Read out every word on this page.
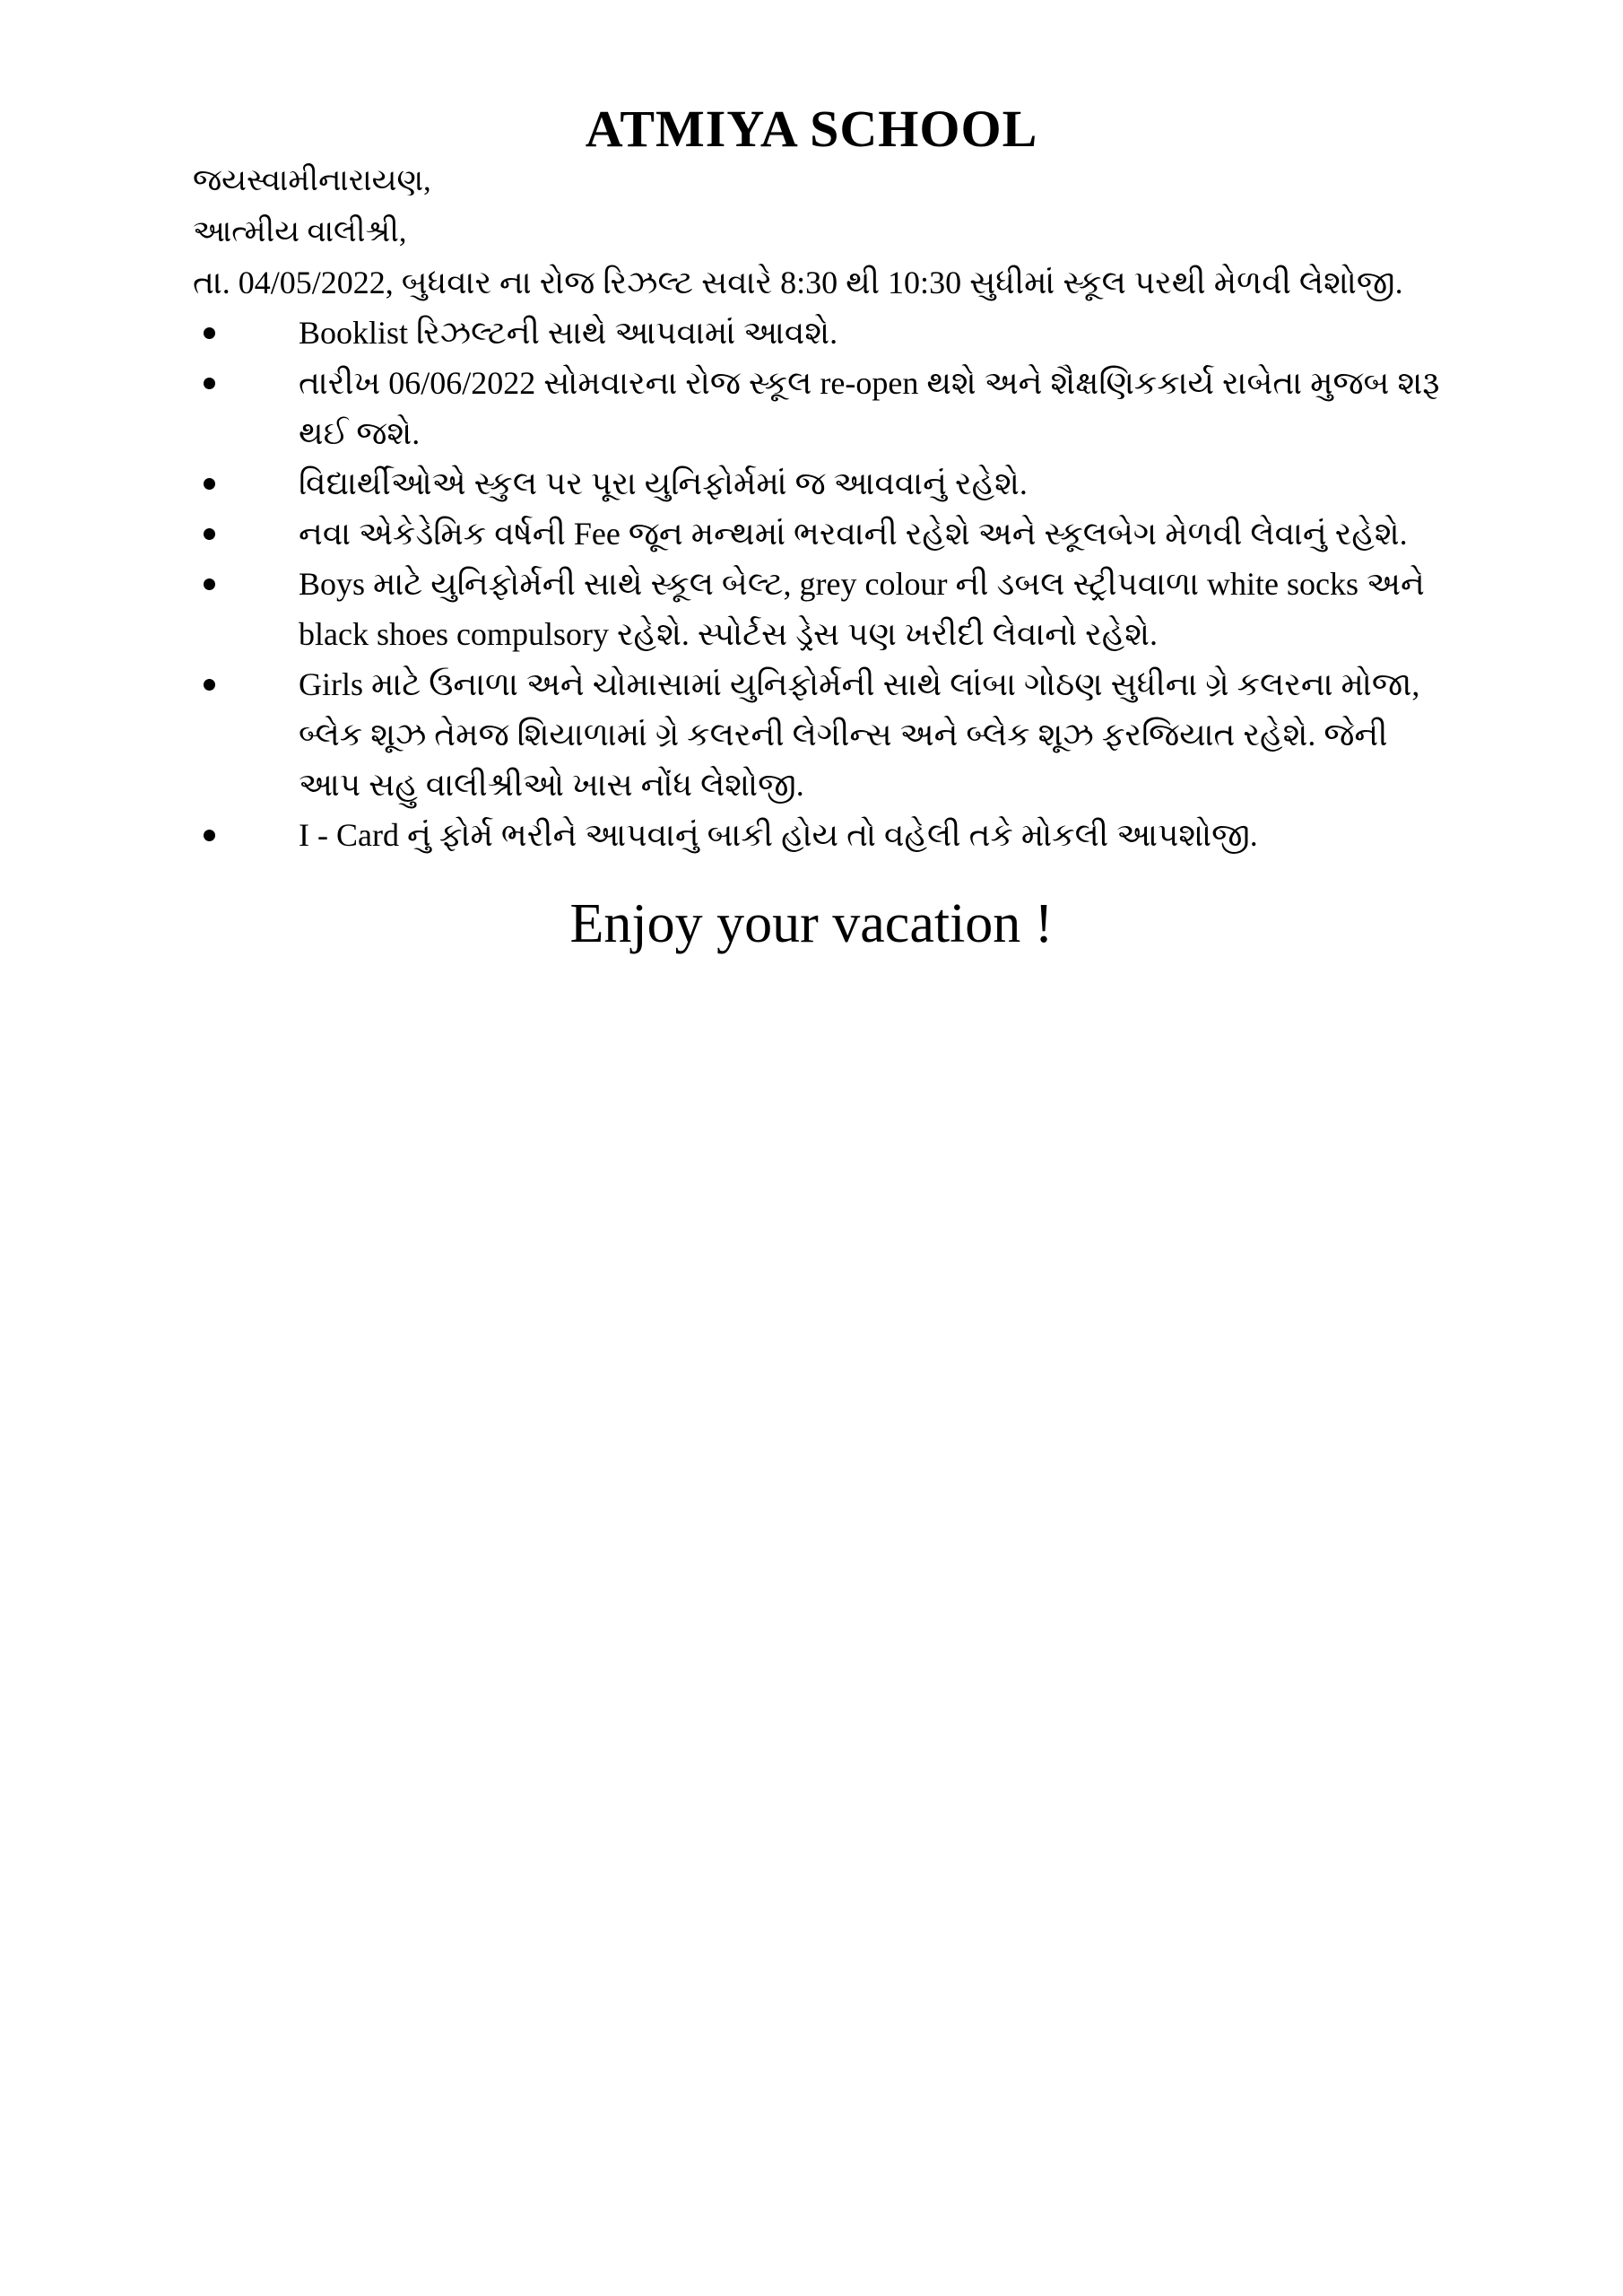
ATMIYA SCHOOL
જયસ્વામીનારાયણ,
આત્મીય વાલીશ્રી,
તા. 04/05/2022, બુધવાર ના રોજ રિઝલ્ટ સવારે 8:30 થી 10:30 સુધીમાં સ્કૂલ પરથી મેળવી લેશોજી.
Booklist રિઝલ્ટની સાથે આપવામાં આવશે.
તારીખ 06/06/2022 સોમવારના રોજ સ્કૂલ re-open થશે અને શૈક્ષણિકકાર્ય રાબેતા મુજબ શરૂ થઈ જશે.
વિદ્યાર્થીઓએ સ્કુલ પર પૂરા યુનિફોર્મમાં જ આવવાનું રહેશે.
નવા એકેડેમિક વર્ષની Fee જૂન મન્થમાં ભરવાની રહેશે અને સ્કૂલબેગ મેળવી લેવાનું રહેશે.
Boys માટે યુનિફોર્મની સાથે સ્કૂલ બેલ્ટ, grey colour ની ડબલ સ્ટ્રીપવાળા white socks અને black shoes compulsory રહેશે. સ્પોર્ટસ ડ્રેસ પણ ખરીદી લેવાનો રહેશે.
Girls માટે ઉનાળા અને ચોમાસામાં યુનિફોર્મની સાથે લાંબા ગોઠણ સુધીના ગ્રે કલરના મોજા, બ્લેક શૂઝ તેમજ શિયાળામાં ગ્રે કલરની લેગીન્સ અને બ્લેક શૂઝ ફરજિયાત રહેશે. જેની આપ સહુ વાલીશ્રીઓ ખાસ નોંધ લેશોજી.
I - Card નું ફોર્મ ભરીને આપવાનું બાકી હોય તો વહેલી તકે મોકલી આપશોજી.
Enjoy your vacation !
